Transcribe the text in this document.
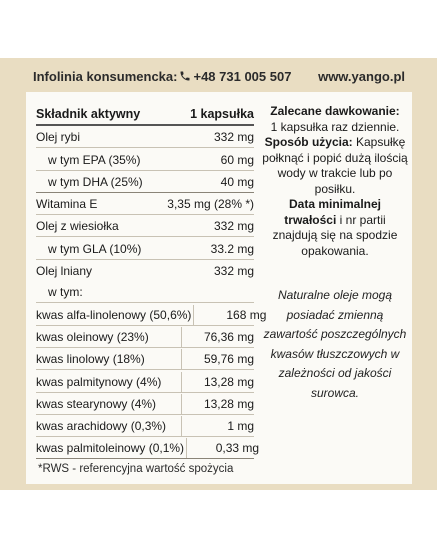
Infolinia konsumencka: +48 731 005 507 www.yango.pl
Składnik aktywny	1 kapsułka
Olej rybi	332 mg
w tym EPA (35%)	60 mg
w tym DHA (25%)	40 mg
Witamina E	3,35 mg (28% *)
Olej z wiesiołka	332 mg
w tym GLA (10%)	33.2 mg
Olej lniany	332 mg
w tym:
kwas alfa-linolenowy (50,6%)	168 mg
kwas oleinowy (23%)	76,36 mg
kwas linolowy (18%)	59,76 mg
kwas palmitynowy (4%)	13,28 mg
kwas stearynowy (4%)	13,28 mg
kwas arachidowy (0,3%)	1 mg
kwas palmitoleinowy (0,1%)	0,33 mg
*RWS - referencyjna wartość spożycia

Zalecane dawkowanie:

1 kapsułka raz dziennie.

Sposób użycia: Kapsułkę połknąć i popić dużą ilością wody w trakcie lub po posiłku.

Data minimalnej trwałości i nr partii znajdują się na spodzie opakowania.

Naturalne oleje mogą posiadać zmienną zawartość poszczególnych kwasów tłuszczowych w zależności od jakości surowca.
